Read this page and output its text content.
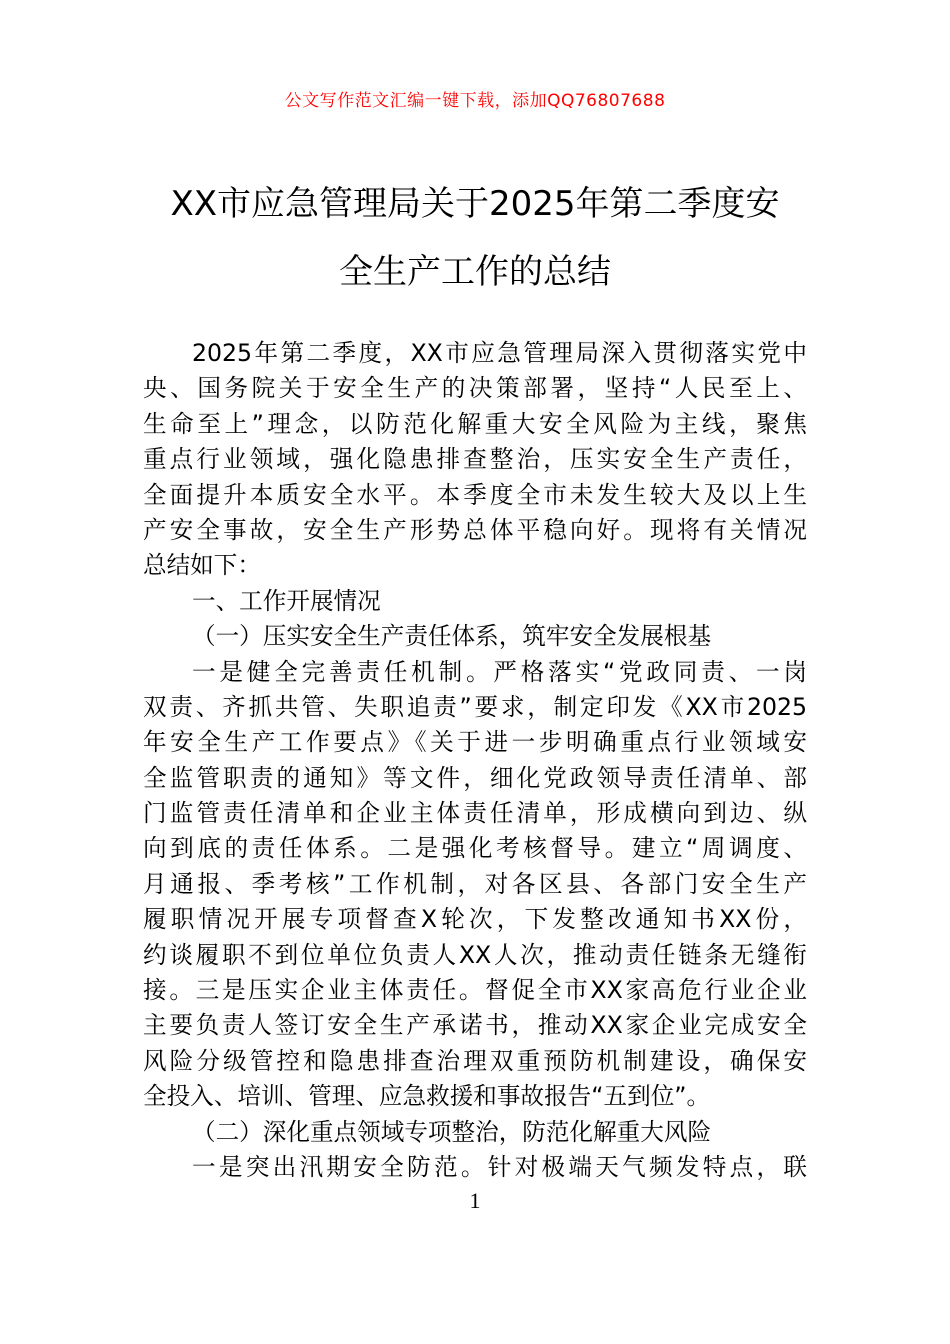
公文写作范文汇编一键下载，添加QQ76807688
XX市应急管理局关于2025年第二季度安
全生产工作的总结
2025年第二季度，XX市应急管理局深入贯彻落实党中
央、国务院关于安全生产的决策部署，坚持“人民至上、
生命至上”理念，以防范化解重大安全风险为主线，聚焦
重点行业领域，强化隐患排查整治，压实安全生产责任，
全面提升本质安全水平。本季度全市未发生较大及以上生
产安全事故，安全生产形势总体平稳向好。现将有关情况
总结如下：
一、工作开展情况
（一）压实安全生产责任体系，筑牢安全发展根基
一是健全完善责任机制。严格落实“党政同责、一岗
双责、齐抓共管、失职追责”要求，制定印发《XX市2025
年安全生产工作要点》《关于进一步明确重点行业领域安
全监管职责的通知》等文件，细化党政领导责任清单、部
门监管责任清单和企业主体责任清单，形成横向到边、纵
向到底的责任体系。二是强化考核督导。建立“周调度、
月通报、季考核”工作机制，对各区县、各部门安全生产
履职情况开展专项督查X轮次，下发整改通知书XX份，
约谈履职不到位单位负责人XX人次，推动责任链条无缝衔
接。三是压实企业主体责任。督促全市XX家高危行业企业
主要负责人签订安全生产承诺书，推动XX家企业完成安全
风险分级管控和隐患排查治理双重预防机制建设，确保安
全投入、培训、管理、应急救援和事故报告“五到位”。
（二）深化重点领域专项整治，防范化解重大风险
一是突出汛期安全防范。针对极端天气频发特点，联
1
